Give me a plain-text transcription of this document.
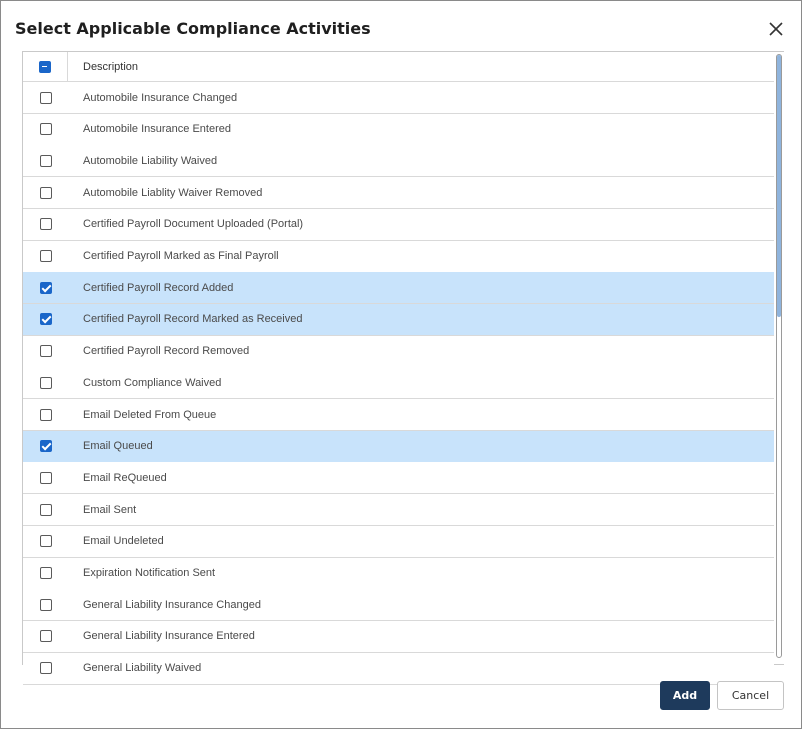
Select Applicable Compliance Activities
Description
Automobile Insurance Changed
Automobile Insurance Entered
Automobile Liability Waived
Automobile Liablity Waiver Removed
Certified Payroll Document Uploaded (Portal)
Certified Payroll Marked as Final Payroll
Certified Payroll Record Added
Certified Payroll Record Marked as Received
Certified Payroll Record Removed
Custom Compliance Waived
Email Deleted From Queue
Email Queued
Email ReQueued
Email Sent
Email Undeleted
Expiration Notification Sent
General Liability Insurance Changed
General Liability Insurance Entered
General Liability Waived
Add	Cancel
